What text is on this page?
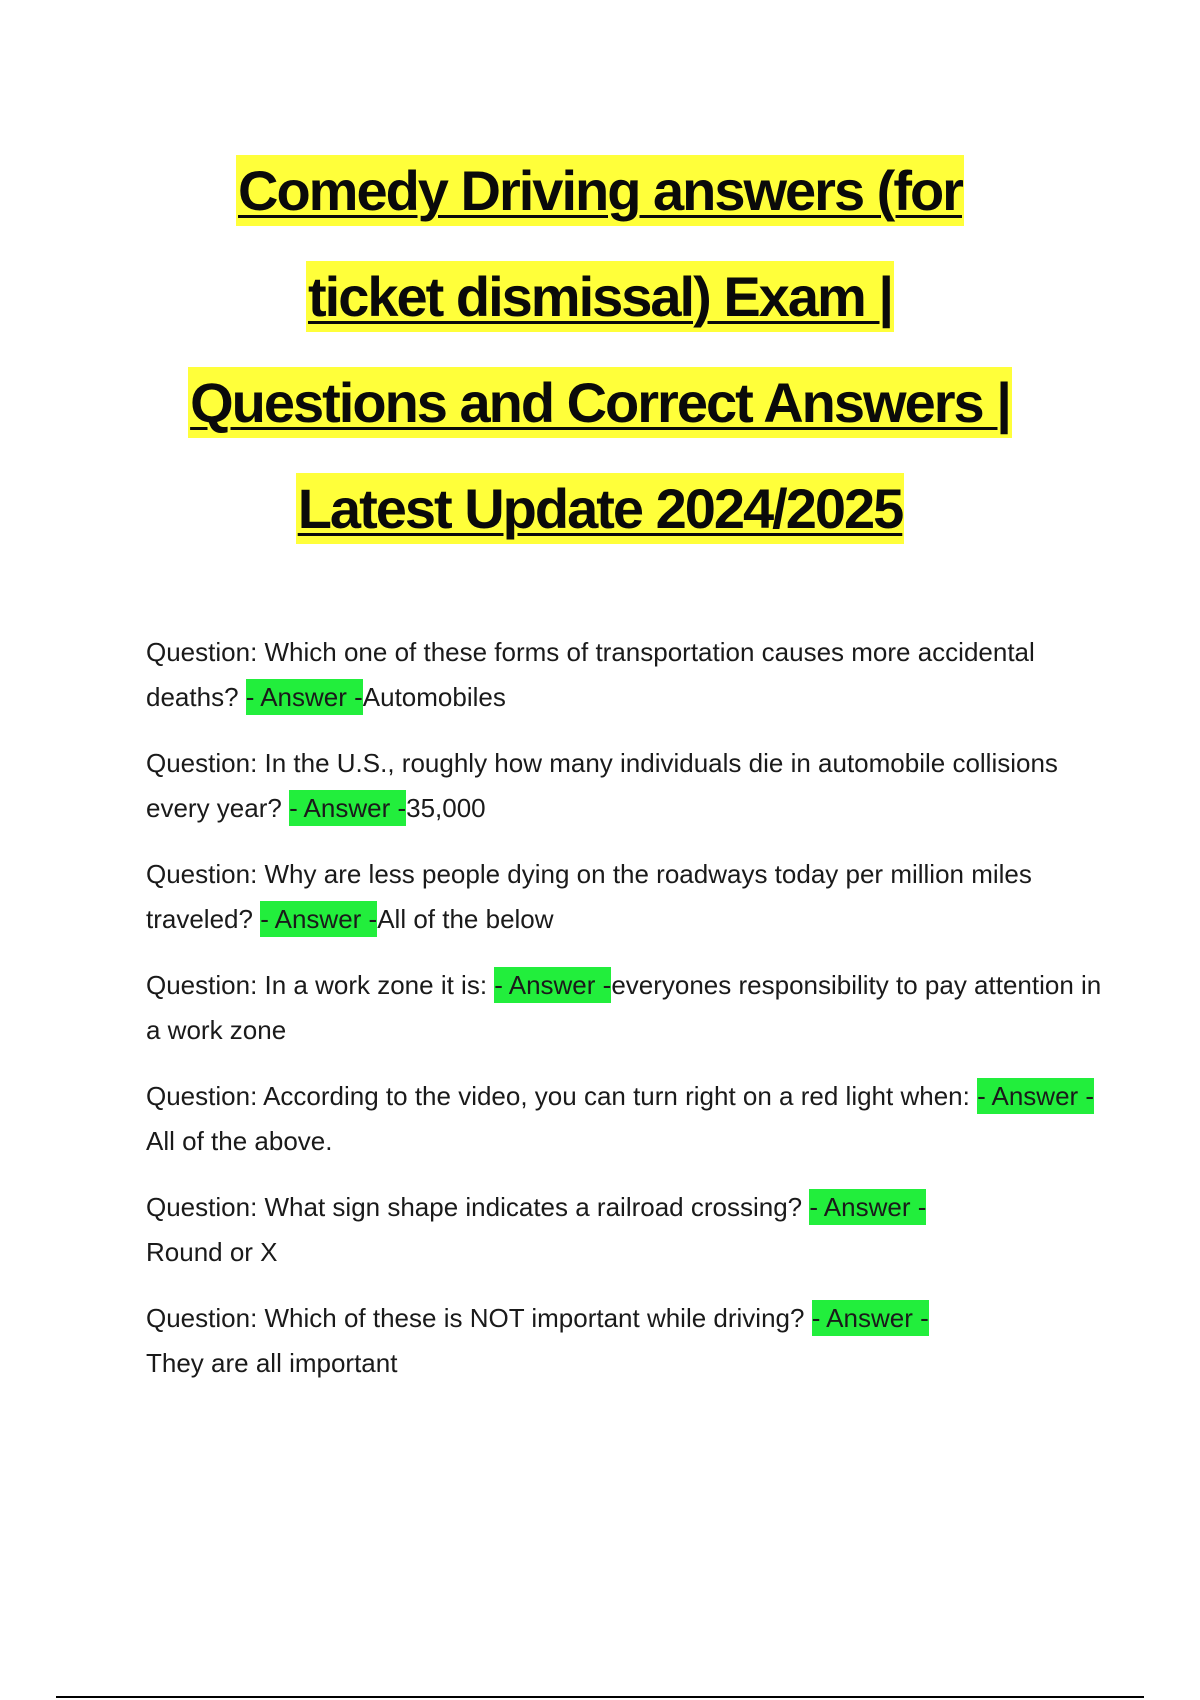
Comedy Driving answers (for
ticket dismissal) Exam |
Questions and Correct Answers |
Latest Update 2024/2025

Question: Which one of these forms of transportation causes more accidental deaths? - Answer -Automobiles

Question: In the U.S., roughly how many individuals die in automobile collisions every year? - Answer -35,000

Question: Why are less people dying on the roadways today per million miles traveled? - Answer -All of the below

Question: In a work zone it is: - Answer -everyones responsibility to pay attention in a work zone

Question: According to the video, you can turn right on a red light when: - Answer -All of the above.

Question: What sign shape indicates a railroad crossing? - Answer -
Round or X

Question: Which of these is NOT important while driving? - Answer -
They are all important
